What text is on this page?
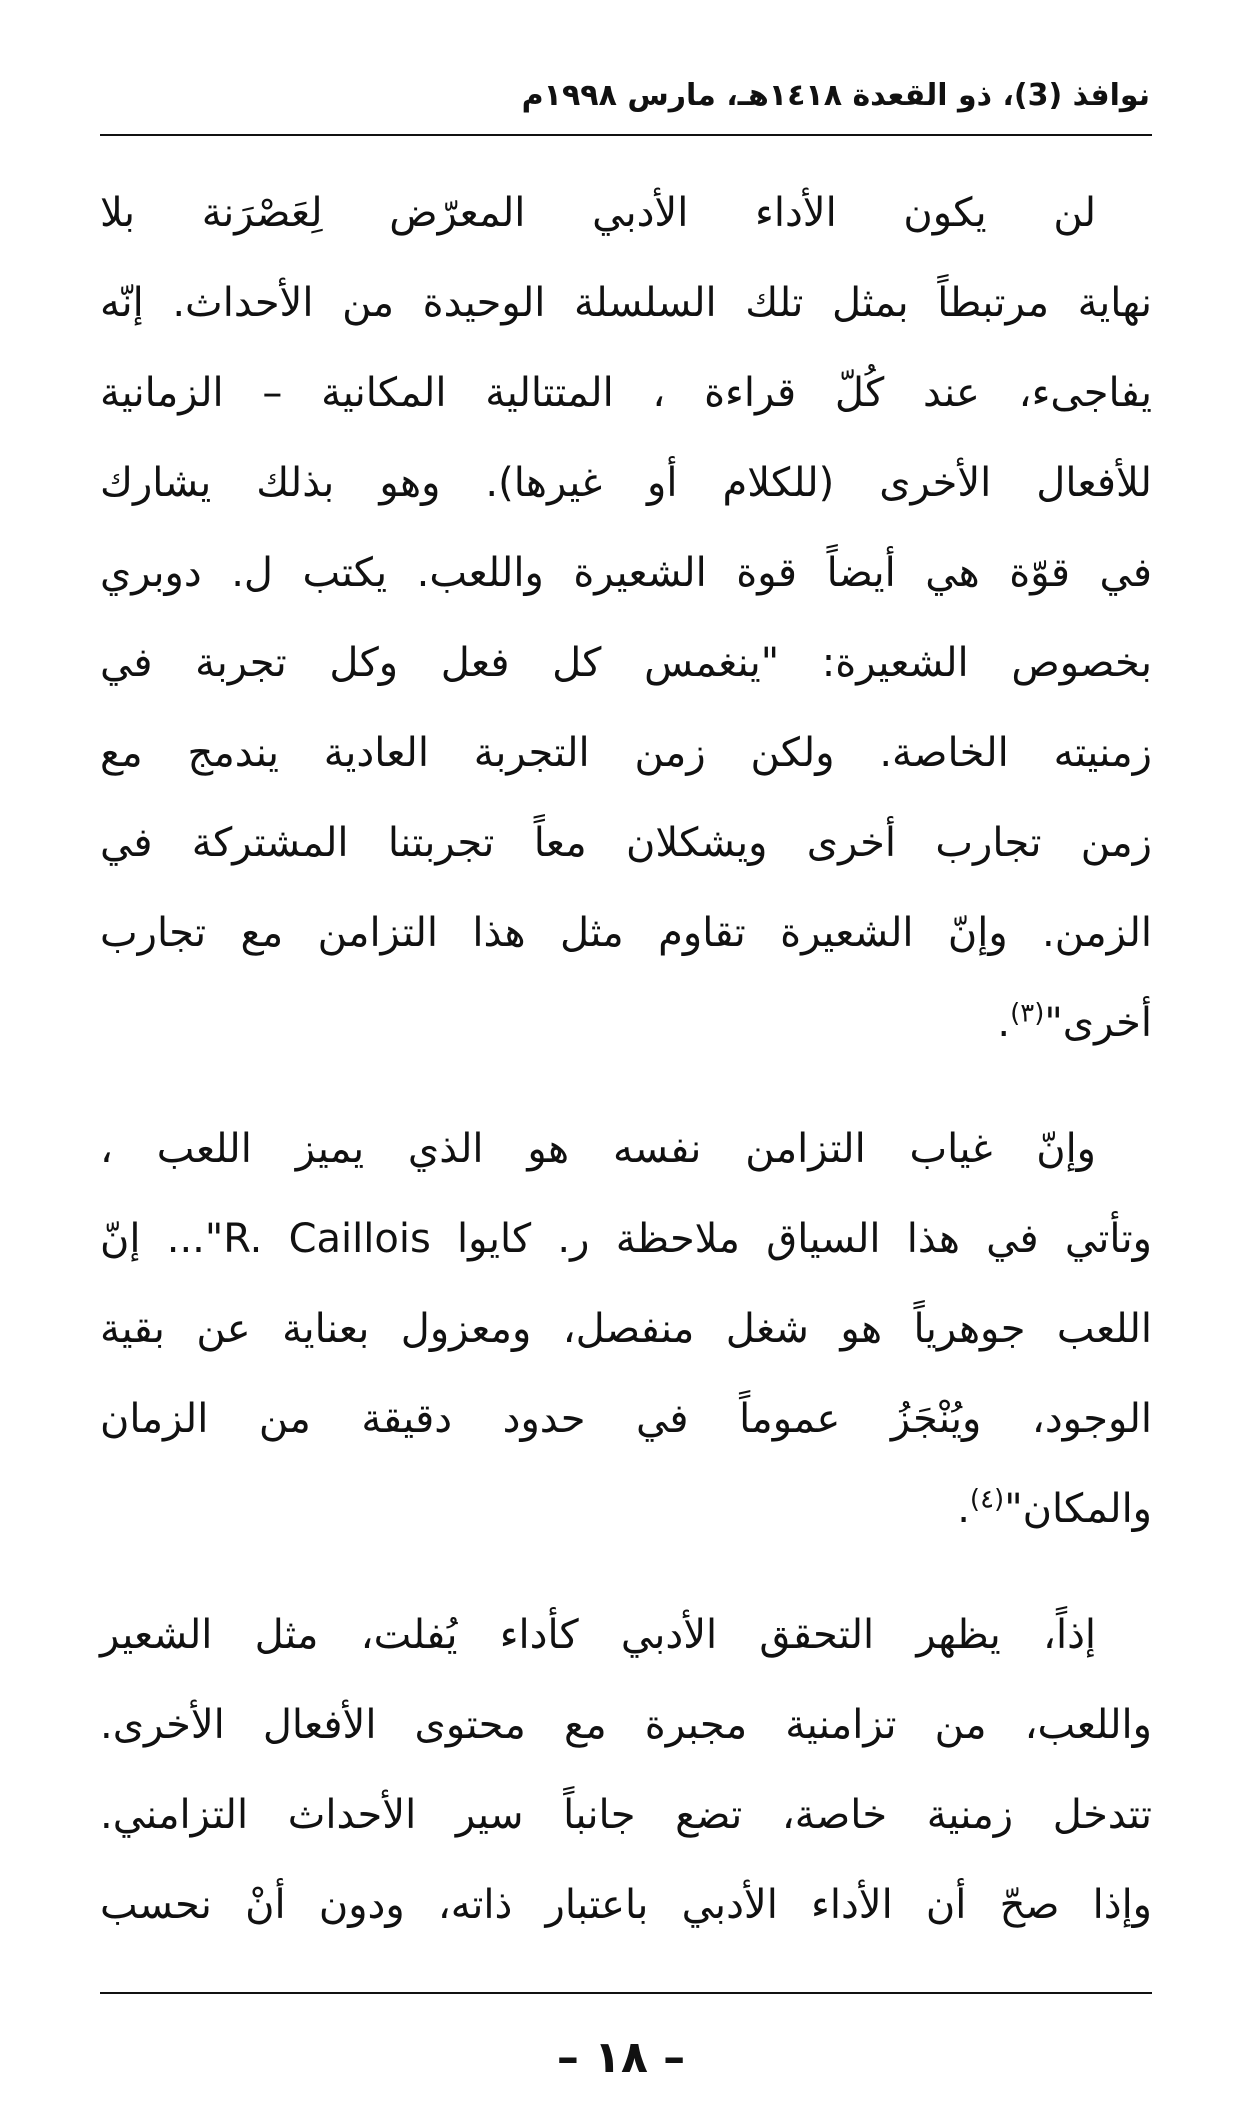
نوافذ (3)، ذو القعدة ١٤١٨هـ، مارس ١٩٩٨م
لن يكون الأداء الأدبي المعرّض لِعَصْرَنة بلا
نهاية مرتبطاً بمثل تلك السلسلة الوحيدة من الأحداث. إنّه
يفاجىء، عند كُلّ قراءة ، المتتالية المكانية – الزمانية
للأفعال الأخرى (للكلام أو غيرها). وهو بذلك يشارك
في قوّة هي أيضاً قوة الشعيرة واللعب. يكتب ل. دوبري
بخصوص الشعيرة: "ينغمس كل فعل وكل تجربة في
زمنيته الخاصة. ولكن زمن التجربة العادية يندمج مع
زمن تجارب أخرى ويشكلان معاً تجربتنا المشتركة في
الزمن. وإنّ الشعيرة تقاوم مثل هذا التزامن مع تجارب
أخرى"$^{(٣)}$.
وإنّ غياب التزامن نفسه هو الذي يميز اللعب ،
وتأتي في هذا السياق ملاحظة ر. كايوا R. Caillois"... إنّ
اللعب جوهرياً هو شغل منفصل، ومعزول بعناية عن بقية
الوجود، ويُنْجَزُ عموماً في حدود دقيقة من الزمان
والمكان"$^{(٤)}$.
إذاً، يظهر التحقق الأدبي كأداء يُفلت، مثل الشعير
واللعب، من تزامنية مجبرة مع محتوى الأفعال الأخرى.
تتدخل زمنية خاصة، تضع جانباً سير الأحداث التزامني.
وإذا صحّ أن الأداء الأدبي باعتبار ذاته، ودون أنْ نحسب
– ١٨ –
